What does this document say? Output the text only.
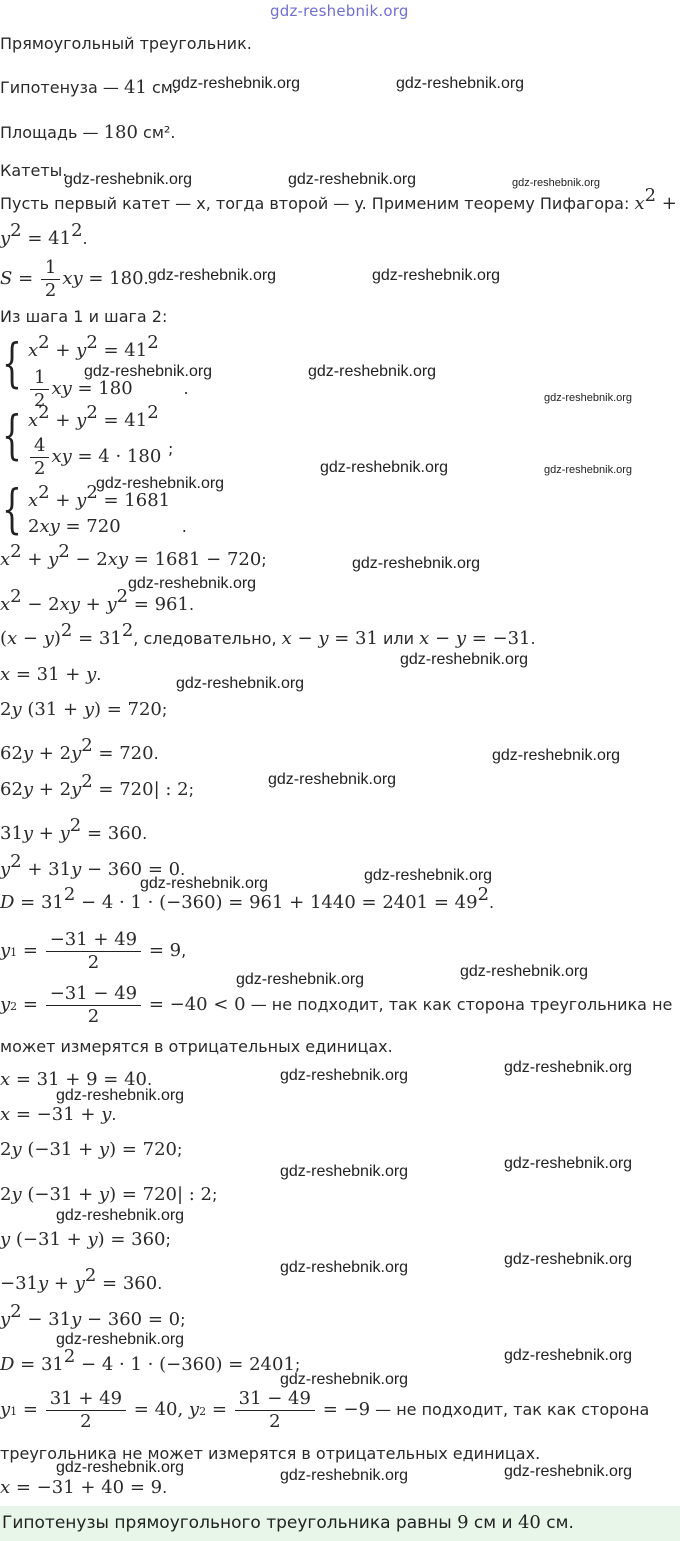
gdz-reshebnik.org
Прямоугольный треугольник.
Гипотенуза — 41 см.
Площадь — 180 см².
Катеты.
Пусть первый катет — x, тогда второй — y. Применим теорему Пифагора: $x^2$ +
$y^2 = 41^2$.
$S = \frac{1}{2}$ xy = 180.
Из шага 1 и шага 2:
{ $x^2 + y^2 = 41^2$
$\frac{1}{2}$ xy = 180          .
{ $x^2 + y^2 = 41^2$
$\frac{4}{2}$ xy = 4 · 180 ;
{ $x^2 + y^2 = 1681$
2xy = 720            .
$x^2 + y^2 - 2xy = 1681 - 720$;
$x^2 - 2xy + y^2 = 961$.
$(x - y)^2 = 31^2$, следовательно, x − y = 31 или x − y = −31.
x = 31 + y.
2y (31 + y) = 720;
$62y + 2y^2 = 720$.
$62y + 2y^2 = 720|$ : 2;
$31y + y^2 = 360$.
$y^2 + 31y - 360 = 0$.
$D = 31^2 - 4 \cdot 1 \cdot (-360) = 961 + 1440 = 2401 = 49^2$.
$y1 = \frac{-31 + 49}{2} = 9$,
$y2 = \frac{-31 - 49}{2} = -40 < 0$ — не подходит, так как сторона треугольника не
может измерятся в отрицательных единицах.
x = 31 + 9 = 40.
x = −31 + y.
2y (−31 + y) = 720;
2y (−31 + y) = 720| : 2;
y (−31 + y) = 360;
$-31y + y^2 = 360$.
$y^2 - 31y - 360 = 0$;
$D = 31^2 - 4 \cdot 1 \cdot (-360) = 2401$;
$y1 = \frac{31 + 49}{2} = 40$, $y2 = \frac{31 - 49}{2} = -9$ — не подходит, так как сторона
треугольника не может измерятся в отрицательных единицах.
x = −31 + 40 = 9.
Гипотенузы прямоугольного треугольника равны 9 см и 40 см.
gdz-reshebnik.org	gdz-reshebnik.org
gdz-reshebnik.org	gdz-reshebnik.org	gdz-reshebnik.org
gdz-reshebnik.org	gdz-reshebnik.org
gdz-reshebnik.org	gdz-reshebnik.org
gdz-reshebnik.org
gdz-reshebnik.org	gdz-reshebnik.org
gdz-reshebnik.org
gdz-reshebnik.org
gdz-reshebnik.org
gdz-reshebnik.org
gdz-reshebnik.org
gdz-reshebnik.org
gdz-reshebnik.org
gdz-reshebnik.org
gdz-reshebnik.org
gdz-reshebnik.org
gdz-reshebnik.org
gdz-reshebnik.org
gdz-reshebnik.org
gdz-reshebnik.org
gdz-reshebnik.org
gdz-reshebnik.org
gdz-reshebnik.org
gdz-reshebnik.org
gdz-reshebnik.org
gdz-reshebnik.org
gdz-reshebnik.org
gdz-reshebnik.org
gdz-reshebnik.org	gdz-reshebnik.org
gdz-reshebnik.org
